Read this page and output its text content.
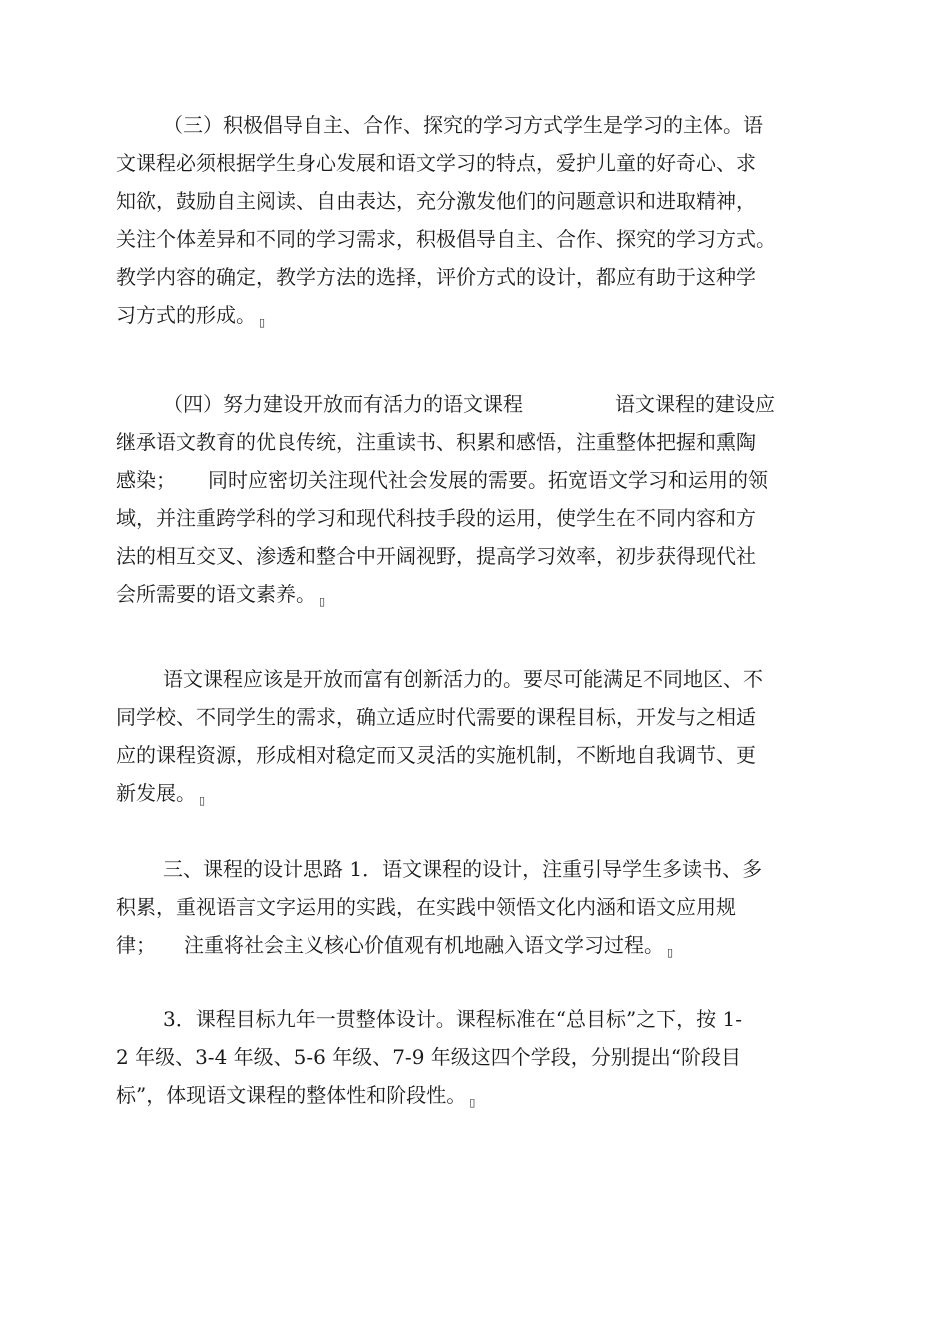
（三）积极倡导自主、合作、探究的学习方式学生是学习的主体。语
文课程必须根据学生身心发展和语文学习的特点，爱护儿童的好奇心、求
知欲，鼓励自主阅读、自由表达，充分激发他们的问题意识和进取精神，
关注个体差异和不同的学习需求，积极倡导自主、合作、探究的学习方式。
教学内容的确定，教学方法的选择，评价方式的设计，都应有助于这种学
习方式的形成。 ▯
（四）努力建设开放而有活力的语文课程	语文课程的建设应
继承语文教育的优良传统，注重读书、积累和感悟，注重整体把握和熏陶
感染； 同时应密切关注现代社会发展的需要。拓宽语文学习和运用的领
域，并注重跨学科的学习和现代科技手段的运用，使学生在不同内容和方
法的相互交叉、渗透和整合中开阔视野，提高学习效率，初步获得现代社
会所需要的语文素养。 ▯
语文课程应该是开放而富有创新活力的。要尽可能满足不同地区、不
同学校、不同学生的需求，确立适应时代需要的课程目标，开发与之相适
应的课程资源，形成相对稳定而又灵活的实施机制，不断地自我调节、更
新发展。 ▯
三、课程的设计思路 1．语文课程的设计，注重引导学生多读书、多
积累，重视语言文字运用的实践，在实践中领悟文化内涵和语文应用规
律； 注重将社会主义核心价值观有机地融入语文学习过程。 ▯
3．课程目标九年一贯整体设计。课程标准在“总目标”之下，按 1-
2 年级、3-4 年级、5-6 年级、7-9 年级这四个学段，分别提出“阶段目
标”，体现语文课程的整体性和阶段性。 ▯
